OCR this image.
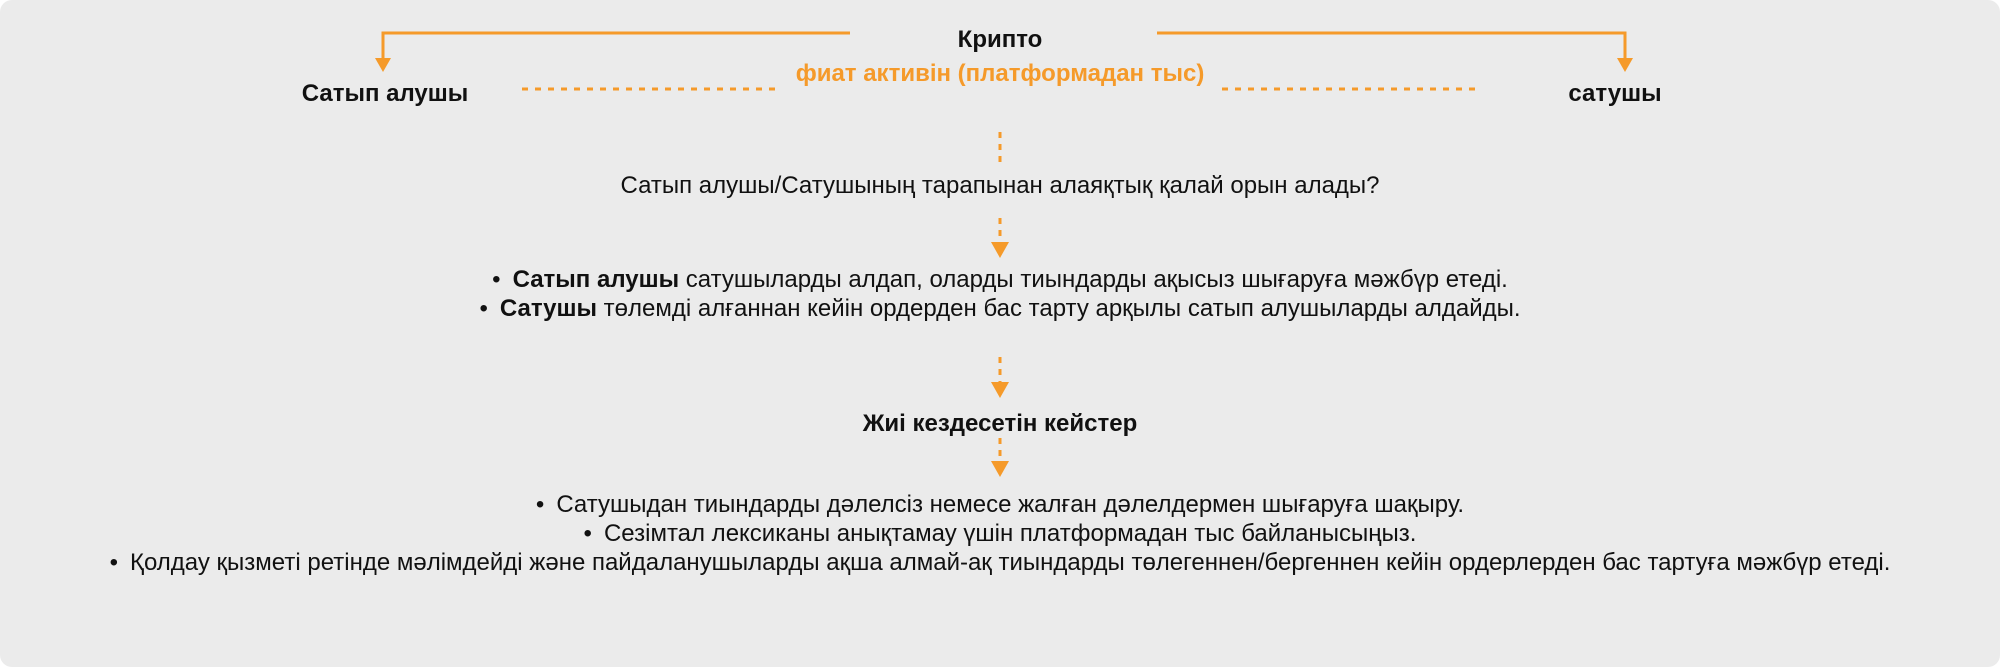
Крипто
фиат активін (платформадан тыс)
Сатып алушы	сатушы
Сатып алушы/Сатушының тарапынан алаяқтық қалай орын алады?
• Сатып алушы сатушыларды алдап, оларды тиындарды ақысыз шығаруға мәжбүр етеді.
• Сатушы төлемді алғаннан кейін ордерден бас тарту арқылы сатып алушыларды алдайды.
Жиі кездесетін кейстер
• Сатушыдан тиындарды дәлелсіз немесе жалған дәлелдермен шығаруға шақыру.
• Сезімтал лексиканы анықтамау үшін платформадан тыс байланысыңыз.
• Қолдау қызметі ретінде мәлімдейді және пайдаланушыларды ақша алмай-ақ тиындарды төлегеннен/бергеннен кейін ордерлерден бас тартуға мәжбүр етеді.
